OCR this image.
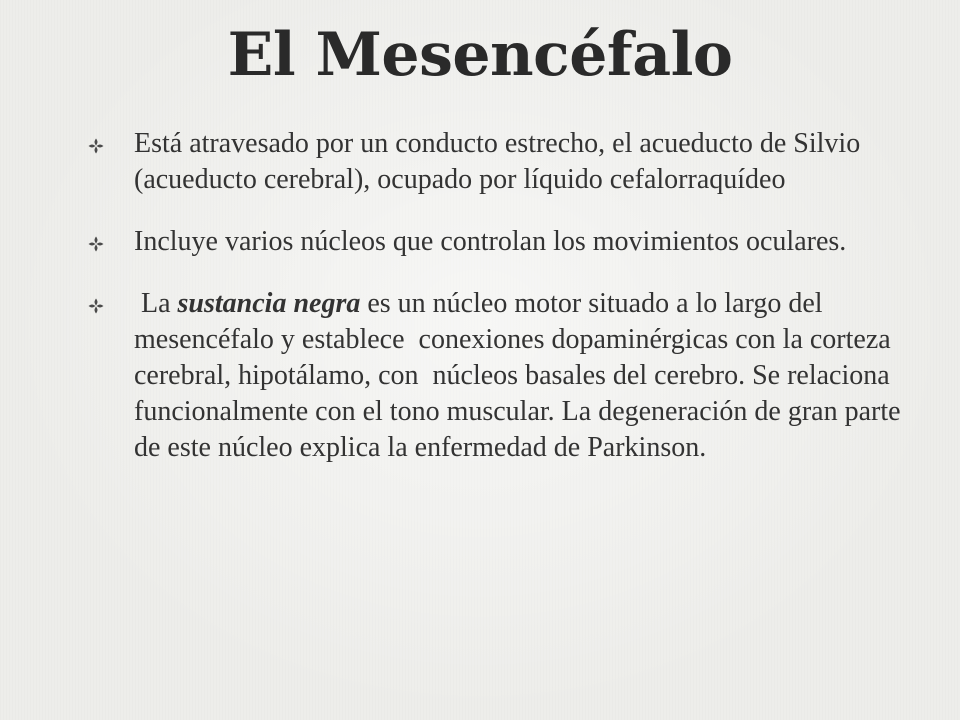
El Mesencéfalo
Está atravesado por un conducto estrecho, el acueducto de Silvio (acueducto cerebral), ocupado por líquido cefalorraquídeo
Incluye varios núcleos que controlan los movimientos oculares.
La sustancia negra es un núcleo motor situado a lo largo del mesencéfalo y establece  conexiones dopaminérgicas con la corteza cerebral, hipotálamo, con  núcleos basales del cerebro. Se relaciona funcionalmente con el tono muscular. La degeneración de gran parte de este núcleo explica la enfermedad de Parkinson.
